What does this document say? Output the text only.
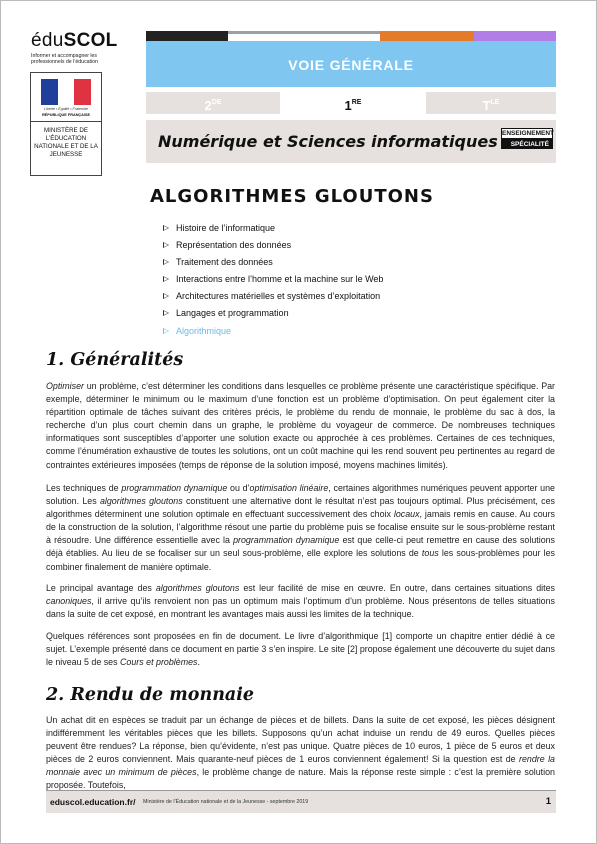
éduSCOL
Informer et accompagner les professionnels de l’éducation
Liberté • Égalité • Fraternité
RÉPUBLIQUE FRANÇAISE
MINISTÈRE DE L’ÉDUCATION NATIONALE ET DE LA JEUNESSE
VOIE GÉNÉRALE
2DE	1RE	$T^{LE}$
Numérique et Sciences informatiques ENSEIGNEMENT
SPÉCIALITÉ
ALGORITHMES GLOUTONS
Histoire de l’informatique
Représentation des données
Traitement des données
Interactions entre l’homme et la machine sur le Web
Architectures matérielles et systèmes d’exploitation
Langages et programmation
Algorithmique
1. Généralités

Optimiser un problème, c’est déterminer les conditions dans lesquelles ce problème présente une caractéristique spécifique. Par exemple, déterminer le minimum ou le maximum d’une fonction est un problème d’optimisation. On peut également citer la répartition optimale de tâches suivant des critères précis, le problème du rendu de monnaie, le problème du sac à dos, la recherche d’un plus court chemin dans un graphe, le problème du voyageur de commerce. De nombreuses techniques informatiques sont susceptibles d’apporter une solution exacte ou approchée à ces problèmes. Certaines de ces techniques, comme l’énumération exhaustive de toutes les solutions, ont un coût machine qui les rend souvent peu pertinentes au regard de contraintes extérieures imposées (temps de réponse de la solution imposé, moyens machines limités).

Les techniques de programmation dynamique ou d’optimisation linéaire, certaines algorithmes numériques peuvent apporter une solution. Les algorithmes gloutons constituent une alternative dont le résultat n’est pas toujours optimal. Plus précisément, ces algorithmes déterminent une solution optimale en effectuant successivement des choix locaux, jamais remis en cause. Au cours de la construction de la solution, l’algorithme résout une partie du problème puis se focalise ensuite sur le sous-problème restant à résoudre. Une différence essentielle avec la programmation dynamique est que celle-ci peut remettre en cause des solutions déjà établies. Au lieu de se focaliser sur un seul sous-problème, elle explore les solutions de tous les sous-problèmes pour les combiner finalement de manière optimale.

Le principal avantage des algorithmes gloutons est leur facilité de mise en œuvre. En outre, dans certaines situations dites canoniques, il arrive qu’ils renvoient non pas un optimum mais l’optimum d’un problème. Nous présentons de telles situations dans la suite de cet exposé, en montrant les avantages mais aussi les limites de la technique.

Quelques références sont proposées en fin de document. Le livre d’algorithmique [1] comporte un chapitre entier dédié à ce sujet. L’exemple présenté dans ce document en partie 3 s’en inspire. Le site [2] propose également une découverte du sujet dans le niveau 5 de ses Cours et problèmes.

2. Rendu de monnaie

Un achat dit en espèces se traduit par un échange de pièces et de billets. Dans la suite de cet exposé, les pièces désignent indifféremment les véritables pièces que les billets. Supposons qu’un achat induise un rendu de 49 euros. Quelles pièces peuvent être rendues? La réponse, bien qu’évidente, n’est pas unique. Quatre pièces de 10 euros, 1 pièce de 5 euros et deux pièces de 2 euros conviennent. Mais quarante-neuf pièces de 1 euros conviennent également! Si la question est de rendre la monnaie avec un minimum de pièces, le problème change de nature. Mais la réponse reste simple : c’est la première solution proposée. Toutefois,

eduscol.education.fr/ Ministère de l’Éducation nationale et de la Jeunesse - septembre 2019	1
